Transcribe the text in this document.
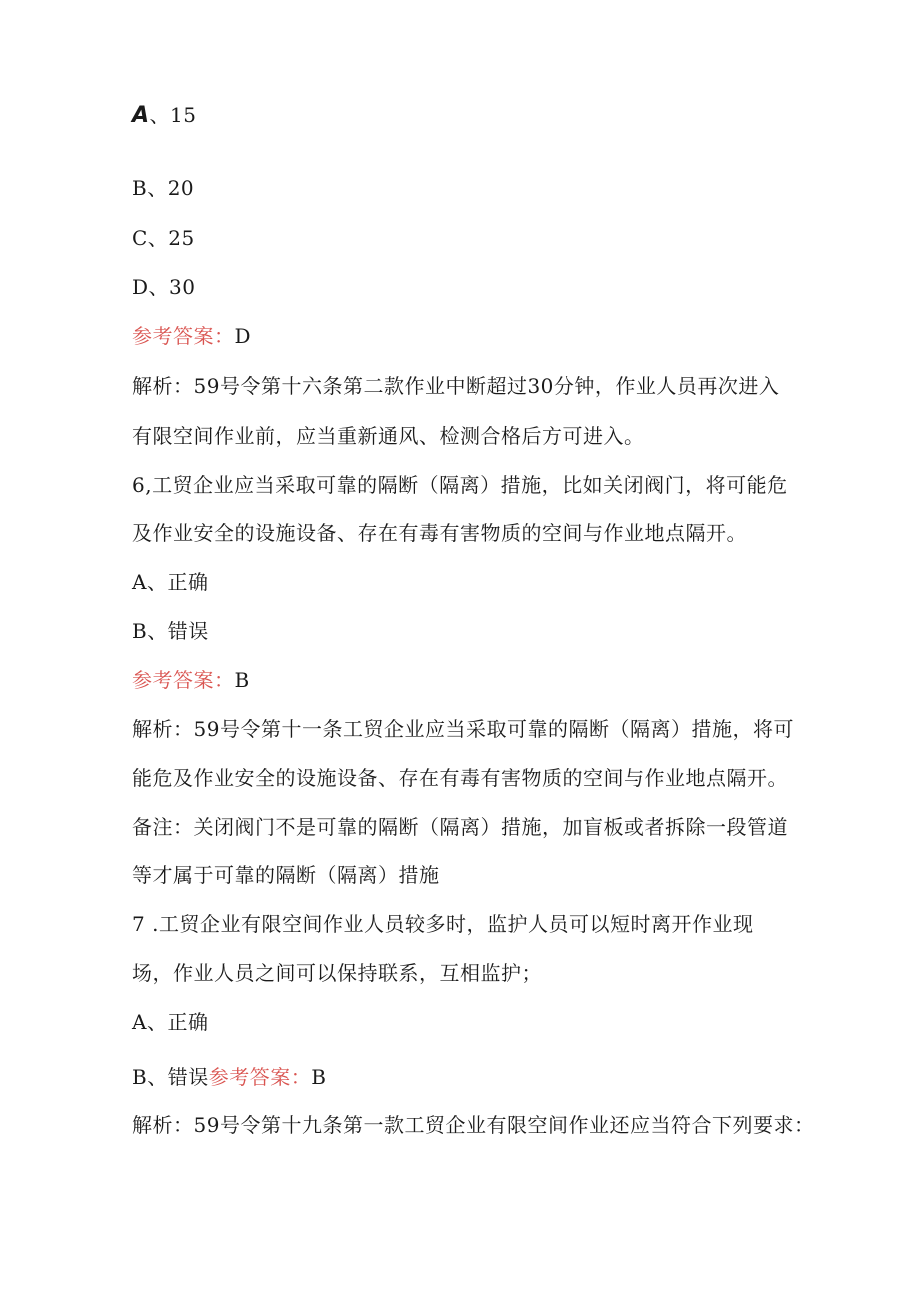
A、15
B、20
C、25
D、30
参考答案：D
解析：59号令第十六条第二款作业中断超过30分钟，作业人员再次进入
有限空间作业前，应当重新通风、检测合格后方可进入。
6,工贸企业应当采取可靠的隔断（隔离）措施，比如关闭阀门，将可能危
及作业安全的设施设备、存在有毒有害物质的空间与作业地点隔开。
A、正确
B、错误
参考答案：B
解析：59号令第十一条工贸企业应当采取可靠的隔断（隔离）措施，将可
能危及作业安全的设施设备、存在有毒有害物质的空间与作业地点隔开。
备注：关闭阀门不是可靠的隔断（隔离）措施，加盲板或者拆除一段管道
等才属于可靠的隔断（隔离）措施
7 .工贸企业有限空间作业人员较多时，监护人员可以短时离开作业现
场，作业人员之间可以保持联系，互相监护；
A、正确
B、错误参考答案：B
解析：59号令第十九条第一款工贸企业有限空间作业还应当符合下列要求：
